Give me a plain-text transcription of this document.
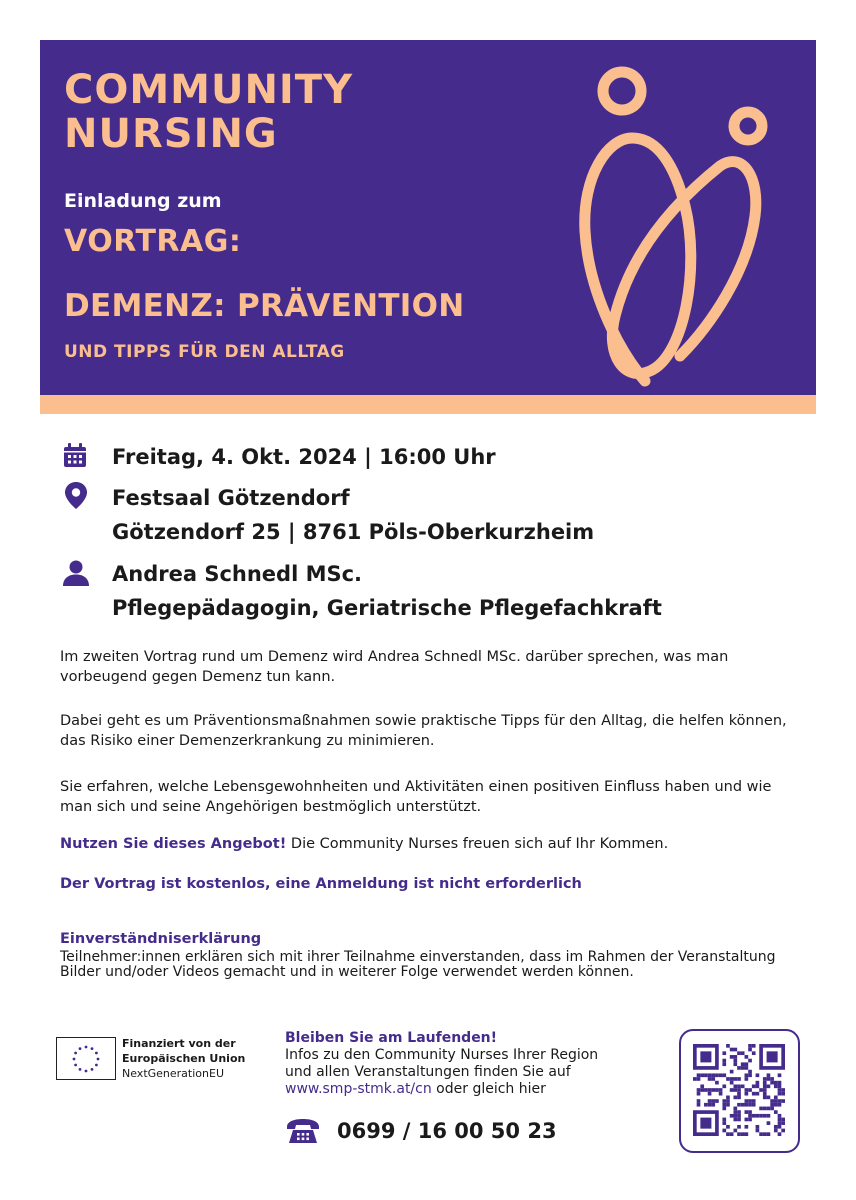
COMMUNITY
NURSING
Einladung zum
VORTRAG:
DEMENZ: PRÄVENTION
UND TIPPS FÜR DEN ALLTAG
Freitag, 4. Okt. 2024 | 16:00 Uhr
Festsaal Götzendorf
Götzendorf 25 | 8761 Pöls-Oberkurzheim
Andrea Schnedl MSc.
Pflegepädagogin, Geriatrische Pflegefachkraft
Im zweiten Vortrag rund um Demenz wird Andrea Schnedl MSc. darüber sprechen, was man vorbeugend gegen Demenz tun kann.
Dabei geht es um Präventionsmaßnahmen sowie praktische Tipps für den Alltag, die helfen können, das Risiko einer Demenzerkrankung zu minimieren.
Sie erfahren, welche Lebensgewohnheiten und Aktivitäten einen positiven Einfluss haben und wie man sich und seine Angehörigen bestmöglich unterstützt.
Nutzen Sie dieses Angebot! Die Community Nurses freuen sich auf Ihr Kommen.
Der Vortrag ist kostenlos, eine Anmeldung ist nicht erforderlich
Einverständniserklärung
Teilnehmer:innen erklären sich mit ihrer Teilnahme einverstanden, dass im Rahmen der Veranstaltung Bilder und/oder Videos gemacht und in weiterer Folge verwendet werden können.
Finanziert von der
Europäischen Union
NextGenerationEU
Bleiben Sie am Laufenden!
Infos zu den Community Nurses Ihrer Region
und allen Veranstaltungen finden Sie auf
www.smp-stmk.at/cn oder gleich hier
0699 / 16 00 50 23
